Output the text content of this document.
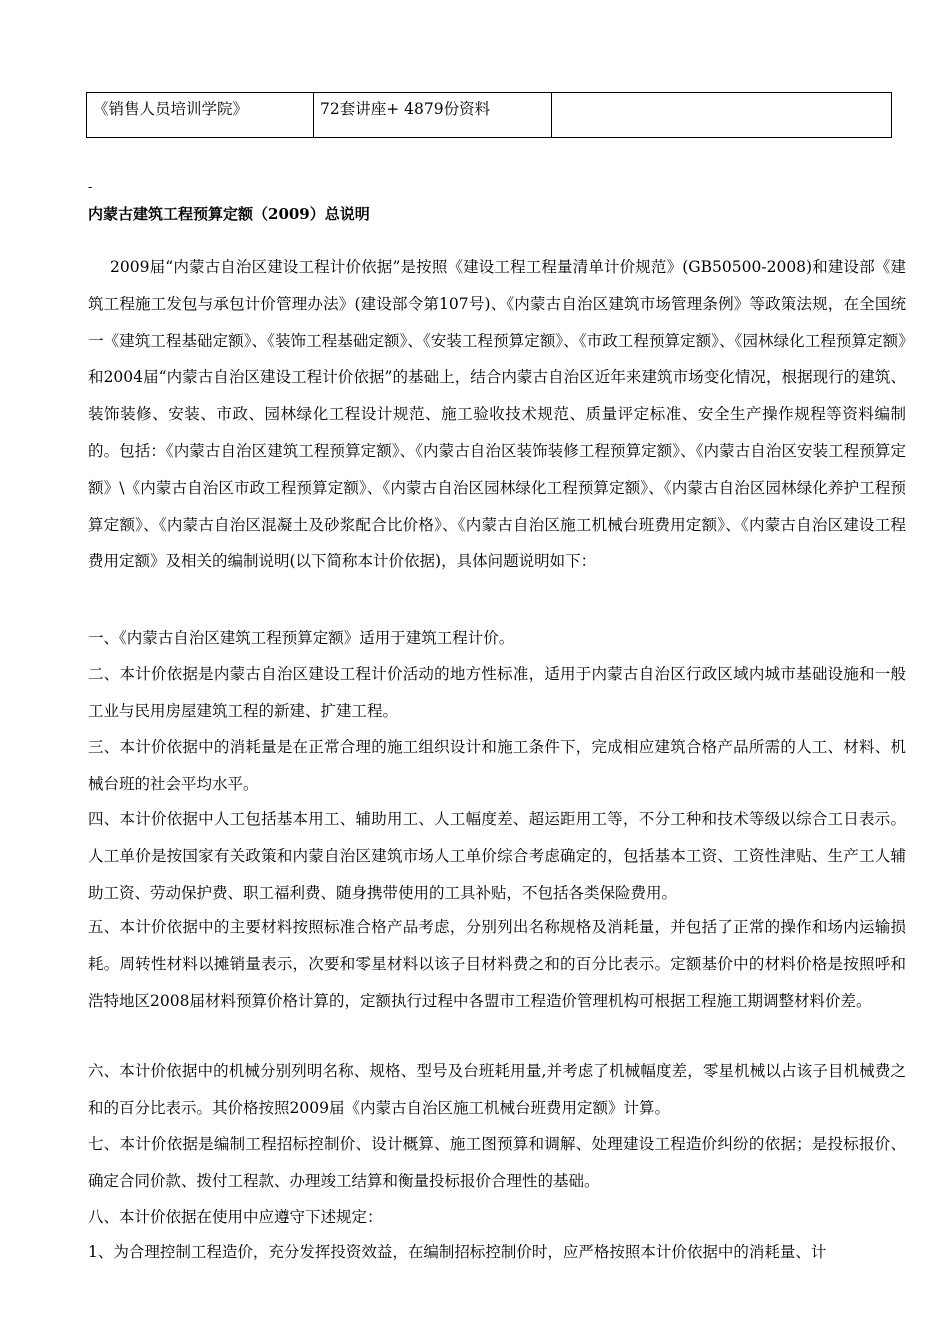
《销售人员培训学院》	72套讲座+ 4879份资料	
-
内蒙古建筑工程预算定额（2009）总说明

2009届“内蒙古自治区建设工程计价依据”是按照《建设工程工程量清单计价规范》(GB50500-2008)和建设部《建筑工程施工发包与承包计价管理办法》(建设部令第107号)、《内蒙古自治区建筑市场管理条例》等政策法规，在全国统一《建筑工程基础定额》、《装饰工程基础定额》、《安装工程预算定额》、《市政工程预算定额》、《园林绿化工程预算定额》和2004届“内蒙古自治区建设工程计价依据”的基础上，结合内蒙古自治区近年来建筑市场变化情况，根据现行的建筑、装饰装修、安装、市政、园林绿化工程设计规范、施工验收技术规范、质量评定标准、安全生产操作规程等资料编制的。包括：《内蒙古自治区建筑工程预算定额》、《内蒙古自治区装饰装修工程预算定额》、《内蒙古自治区安装工程预算定额》\《内蒙古自治区市政工程预算定额》、《内蒙古自治区园林绿化工程预算定额》、《内蒙古自治区园林绿化养护工程预算定额》、《内蒙古自治区混凝土及砂浆配合比价格》、《内蒙古自治区施工机械台班费用定额》、《内蒙古自治区建设工程费用定额》及相关的编制说明(以下简称本计价依据)，具体问题说明如下：

一、《内蒙古自治区建筑工程预算定额》适用于建筑工程计价。

二、本计价依据是内蒙古自治区建设工程计价活动的地方性标准，适用于内蒙古自治区行政区域内城市基础设施和一般工业与民用房屋建筑工程的新建、扩建工程。

三、本计价依据中的消耗量是在正常合理的施工组织设计和施工条件下，完成相应建筑合格产品所需的人工、材料、机械台班的社会平均水平。

四、本计价依据中人工包括基本用工、辅助用工、人工幅度差、超运距用工等，不分工种和技术等级以综合工日表示。人工单价是按国家有关政策和内蒙自治区建筑市场人工单价综合考虑确定的，包括基本工资、工资性津贴、生产工人辅助工资、劳动保护费、职工福利费、随身携带使用的工具补贴，不包括各类保险费用。

五、本计价依据中的主要材料按照标准合格产品考虑，分别列出名称规格及消耗量，并包括了正常的操作和场内运输损耗。周转性材料以摊销量表示，次要和零星材料以该子目材料费之和的百分比表示。定额基价中的材料价格是按照呼和浩特地区2008届材料预算价格计算的，定额执行过程中各盟市工程造价管理机构可根据工程施工期调整材料价差。

六、本计价依据中的机械分别列明名称、规格、型号及台班耗用量,并考虑了机械幅度差，零星机械以占该子目机械费之和的百分比表示。其价格按照2009届《内蒙古自治区施工机械台班费用定额》计算。

七、本计价依据是编制工程招标控制价、设计概算、施工图预算和调解、处理建设工程造价纠纷的依据；是投标报价、确定合同价款、拨付工程款、办理竣工结算和衡量投标报价合理性的基础。

八、本计价依据在使用中应遵守下述规定：

1、为合理控制工程造价，充分发挥投资效益，在编制招标控制价时，应严格按照本计价依据中的消耗量、计
